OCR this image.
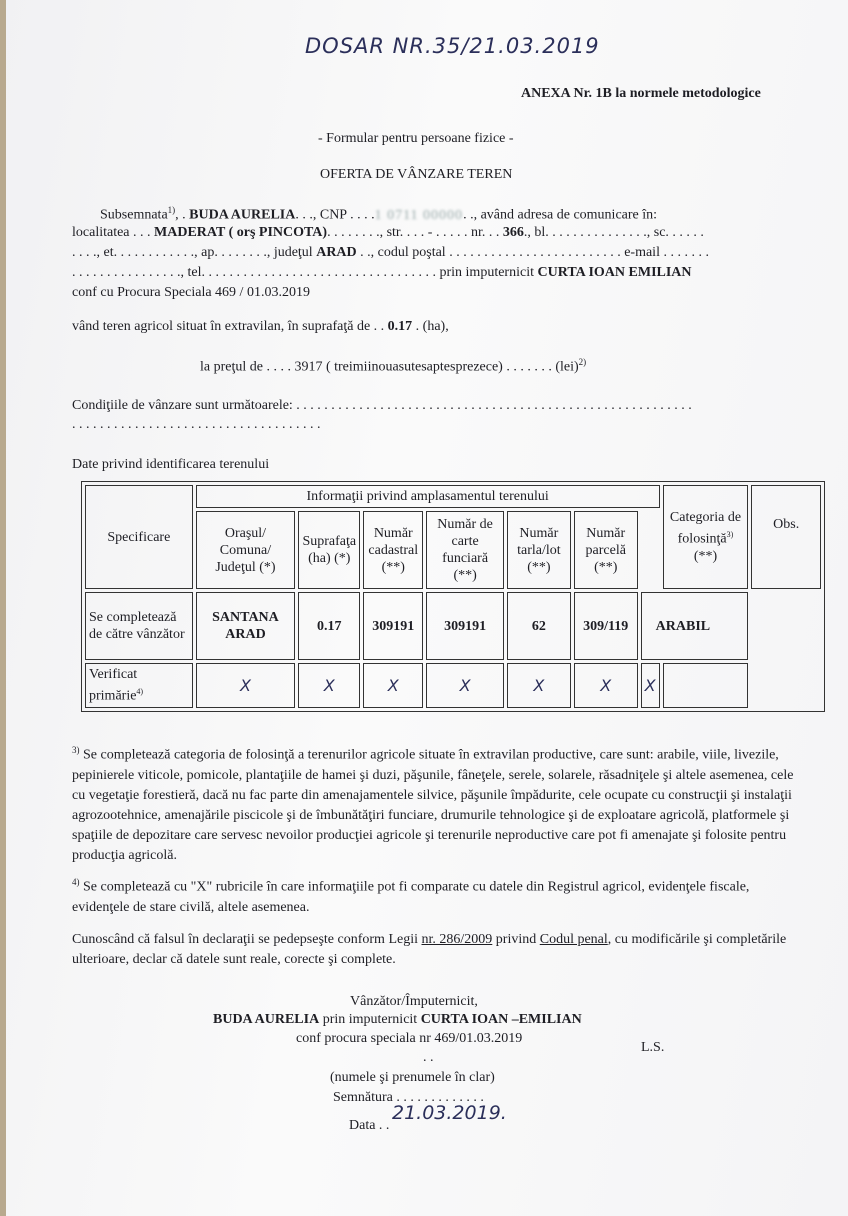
DOSAR NR.35/21.03.2019
ANEXA Nr. 1B la normele metodologice
- Formular pentru persoane fizice -
OFERTA DE VÂNZARE TEREN
Subsemnata$^{1)}$, . BUDA AURELIA. . ., CNP . . . .1 0711 00000. ., având adresa de comunicare în:
localitatea . . . MADERAT ( orş PINCOTA). . . . . . . ., str. . . . - . . . . . nr. . . 366., bl. . . . . . . . . . . . . . ., sc. . . . . .
. . . ., et. . . . . . . . . . . ., ap. . . . . . . ., judeţul ARAD . ., codul poştal . . . . . . . . . . . . . . . . . . . . . . . . . e-mail . . . . . . .
. . . . . . . . . . . . . . . ., tel. . . . . . . . . . . . . . . . . . . . . . . . . . . . . . . . . . prin imputernicit CURTA IOAN EMILIAN
conf cu Procura Speciala 469 / 01.03.2019
vând teren agricol situat în extravilan, în suprafaţă de . . 0.17 . (ha),
la preţul de . . . . 3917 ( treimiinouasutesaptesprezece) . . . . . . . (lei)$^{2)}$
Condiţiile de vânzare sunt următoarele: . . . . . . . . . . . . . . . . . . . . . . . . . . . . . . . . . . . . . . . . . . . . . . . . . . . . . . . . .
. . . . . . . . . . . . . . . . . . . . . . . . . . . . . . . . . . . .
Date privind identificarea terenului
Specificare	Informaţii privind amplasamentul terenului							Categoria de folosinţă$^{3)}$ (**)	Obs.
	Oraşul/ Comuna/ Judeţul (*)	Suprafaţa (ha) (*)	Număr cadastral (**)	Număr de carte funciară (**)	Număr tarla/lot (**)	Număr parcelă (**)			
Se completează de către vânzător	SANTANA ARAD	0.17	309191	309191	62	309/119	ARABIL		
Verificat primărie$^{4)}$	X	X	X	X	X	X	X		
$^{3)}$ Se completează categoria de folosinţă a terenurilor agricole situate în extravilan productive, care sunt: arabile, viile, livezile, pepinierele viticole, pomicole, plantaţiile de hamei şi duzi, păşunile, fâneţele, serele, solarele, răsadniţele şi altele asemenea, cele cu vegetaţie forestieră, dacă nu fac parte din amenajamentele silvice, păşunile împădurite, cele ocupate cu construcţii şi instalaţii agrozootehnice, amenajările piscicole şi de îmbunătăţiri funciare, drumurile tehnologice şi de exploatare agricolă, platformele şi spaţiile de depozitare care servesc nevoilor producţiei agricole şi terenurile neproductive care pot fi amenajate şi folosite pentru producţia agricolă.
$^{4)}$ Se completează cu "X" rubricile în care informaţiile pot fi comparate cu datele din Registrul agricol, evidenţele fiscale, evidenţele de stare civilă, altele asemenea.
Cunoscând că falsul în declaraţii se pedepseşte conform Legii nr. 286/2009 privind Codul penal, cu modificările şi completările ulterioare, declar că datele sunt reale, corecte şi complete.
Vânzător/Împuternicit,
BUDA AURELIA prin imputernicit CURTA IOAN –EMILIAN
conf procura speciala nr 469/01.03.2019
L.S.
. .
(numele şi prenumele în clar)
Semnătura . . . . . . . . . . . . .
Data . .
21.03.2019.
